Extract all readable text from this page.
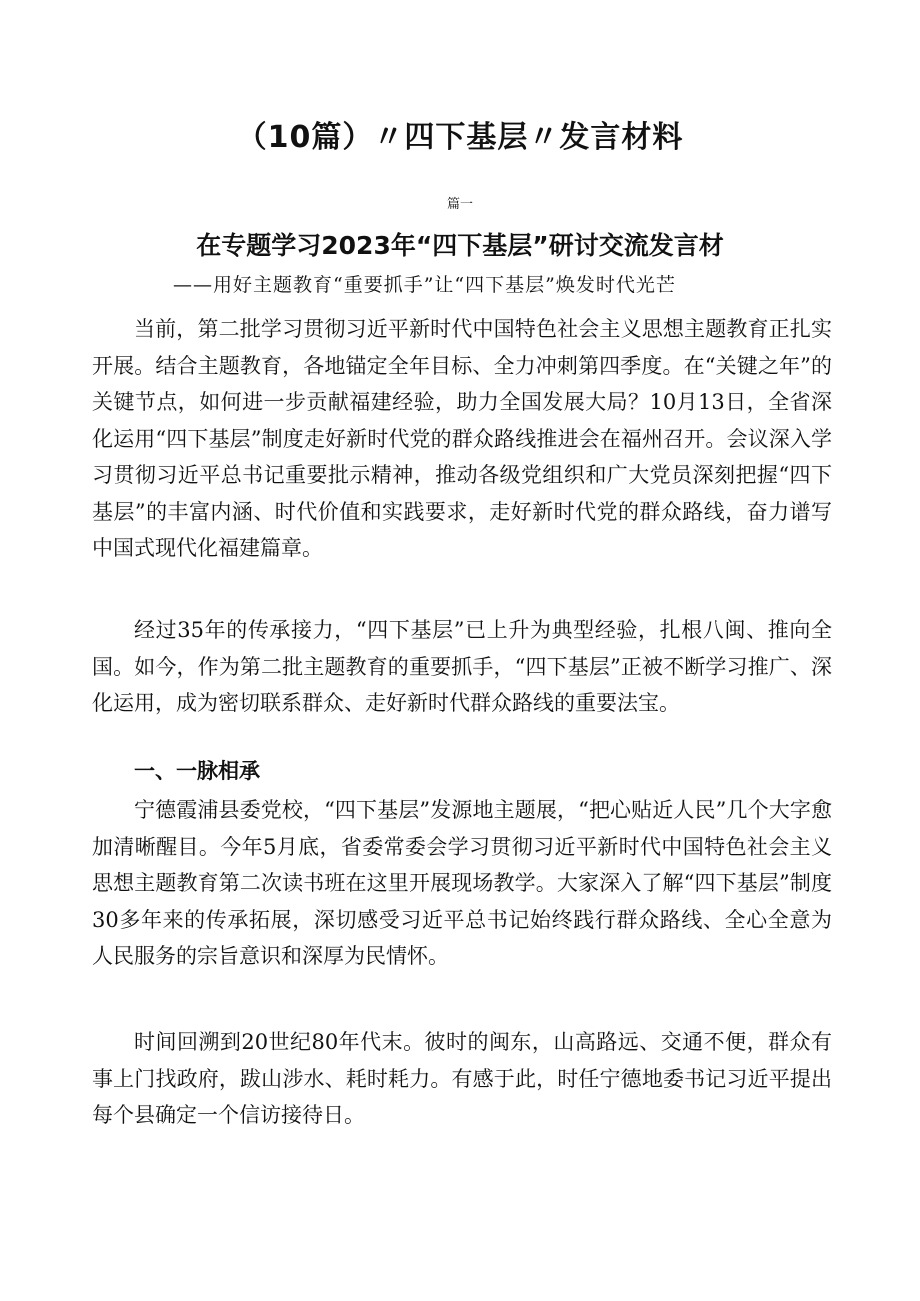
（10篇）〃四下基层〃发言材料
篇一
在专题学习2023年“四下基层”研讨交流发言材
——用好主题教育“重要抓手”让“四下基层”焕发时代光芒

当前，第二批学习贯彻习近平新时代中国特色社会主义思想主题教育正扎实开展。结合主题教育，各地锚定全年目标、全力冲刺第四季度。在“关键之年”的关键节点，如何进一步贡献福建经验，助力全国发展大局？10月13日，全省深化运用“四下基层”制度走好新时代党的群众路线推进会在福州召开。会议深入学习贯彻习近平总书记重要批示精神，推动各级党组织和广大党员深刻把握“四下基层”的丰富内涵、时代价值和实践要求，走好新时代党的群众路线，奋力谱写中国式现代化福建篇章。

经过35年的传承接力，“四下基层”已上升为典型经验，扎根八闽、推向全国。如今，作为第二批主题教育的重要抓手，“四下基层”正被不断学习推广、深化运用，成为密切联系群众、走好新时代群众路线的重要法宝。

一、一脉相承

宁德霞浦县委党校，“四下基层”发源地主题展，“把心贴近人民”几个大字愈加清晰醒目。今年5月底，省委常委会学习贯彻习近平新时代中国特色社会主义思想主题教育第二次读书班在这里开展现场教学。大家深入了解“四下基层”制度30多年来的传承拓展，深切感受习近平总书记始终践行群众路线、全心全意为人民服务的宗旨意识和深厚为民情怀。

时间回溯到20世纪80年代末。彼时的闽东，山高路远、交通不便，群众有事上门找政府，跋山涉水、耗时耗力。有感于此，时任宁德地委书记习近平提出每个县确定一个信访接待日。
